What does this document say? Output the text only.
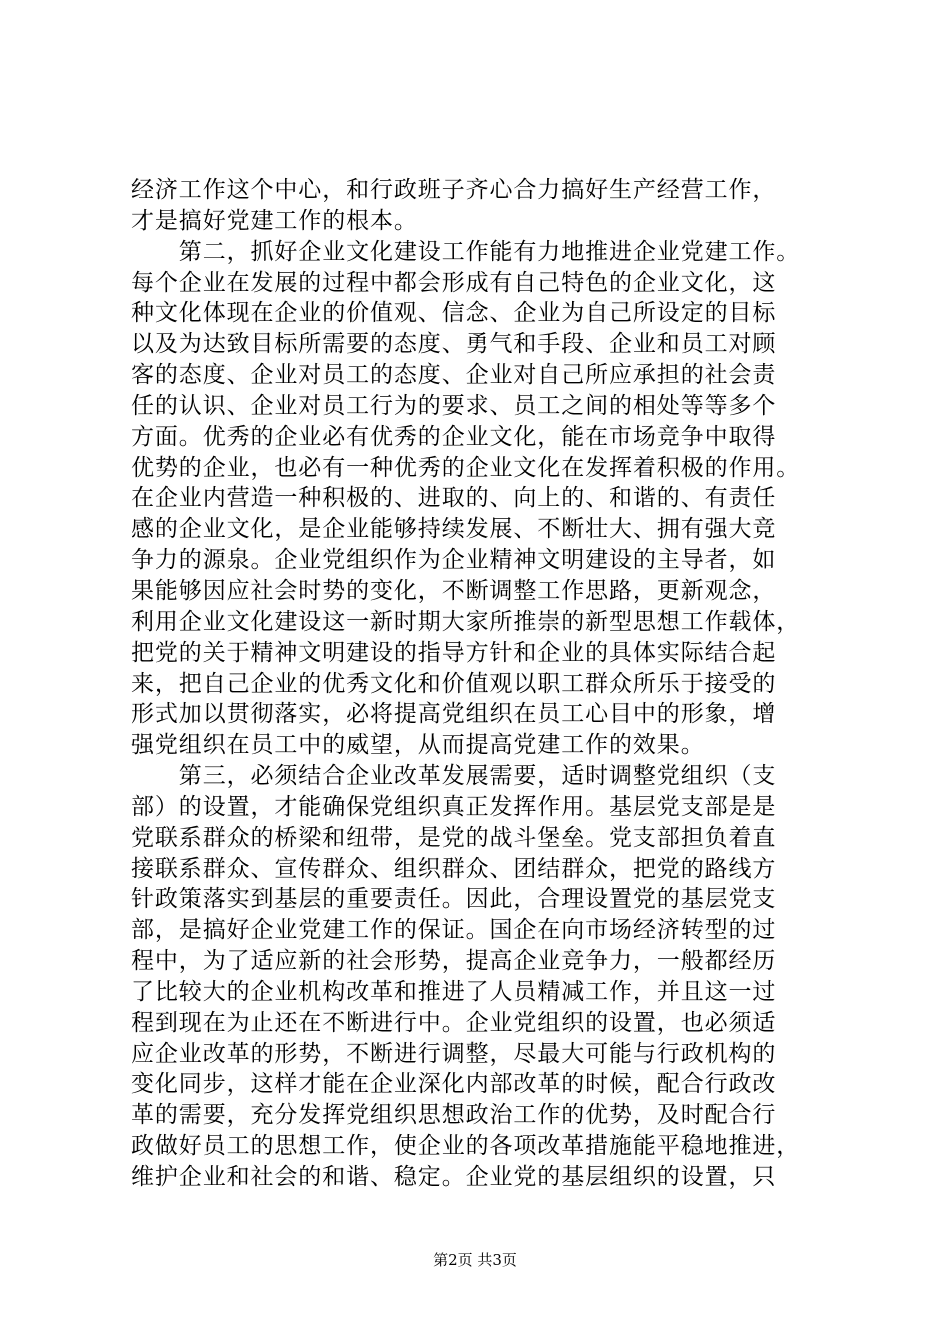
经济工作这个中心，和行政班子齐心合力搞好生产经营工作，
才是搞好党建工作的根本。
　　第二，抓好企业文化建设工作能有力地推进企业党建工作。
每个企业在发展的过程中都会形成有自己特色的企业文化，这
种文化体现在企业的价值观、信念、企业为自己所设定的目标
以及为达致目标所需要的态度、勇气和手段、企业和员工对顾
客的态度、企业对员工的态度、企业对自己所应承担的社会责
任的认识、企业对员工行为的要求、员工之间的相处等等多个
方面。优秀的企业必有优秀的企业文化，能在市场竞争中取得
优势的企业，也必有一种优秀的企业文化在发挥着积极的作用。
在企业内营造一种积极的、进取的、向上的、和谐的、有责任
感的企业文化，是企业能够持续发展、不断壮大、拥有强大竞
争力的源泉。企业党组织作为企业精神文明建设的主导者，如
果能够因应社会时势的变化，不断调整工作思路，更新观念，
利用企业文化建设这一新时期大家所推崇的新型思想工作载体，
把党的关于精神文明建设的指导方针和企业的具体实际结合起
来，把自己企业的优秀文化和价值观以职工群众所乐于接受的
形式加以贯彻落实，必将提高党组织在员工心目中的形象，增
强党组织在员工中的威望，从而提高党建工作的效果。
　　第三，必须结合企业改革发展需要，适时调整党组织（支
部）的设置，才能确保党组织真正发挥作用。基层党支部是是
党联系群众的桥梁和纽带，是党的战斗堡垒。党支部担负着直
接联系群众、宣传群众、组织群众、团结群众，把党的路线方
针政策落实到基层的重要责任。因此，合理设置党的基层党支
部，是搞好企业党建工作的保证。国企在向市场经济转型的过
程中，为了适应新的社会形势，提高企业竞争力，一般都经历
了比较大的企业机构改革和推进了人员精减工作，并且这一过
程到现在为止还在不断进行中。企业党组织的设置，也必须适
应企业改革的形势，不断进行调整，尽最大可能与行政机构的
变化同步，这样才能在企业深化内部改革的时候，配合行政改
革的需要，充分发挥党组织思想政治工作的优势，及时配合行
政做好员工的思想工作，使企业的各项改革措施能平稳地推进，
维护企业和社会的和谐、稳定。企业党的基层组织的设置，只
第2页 共3页
